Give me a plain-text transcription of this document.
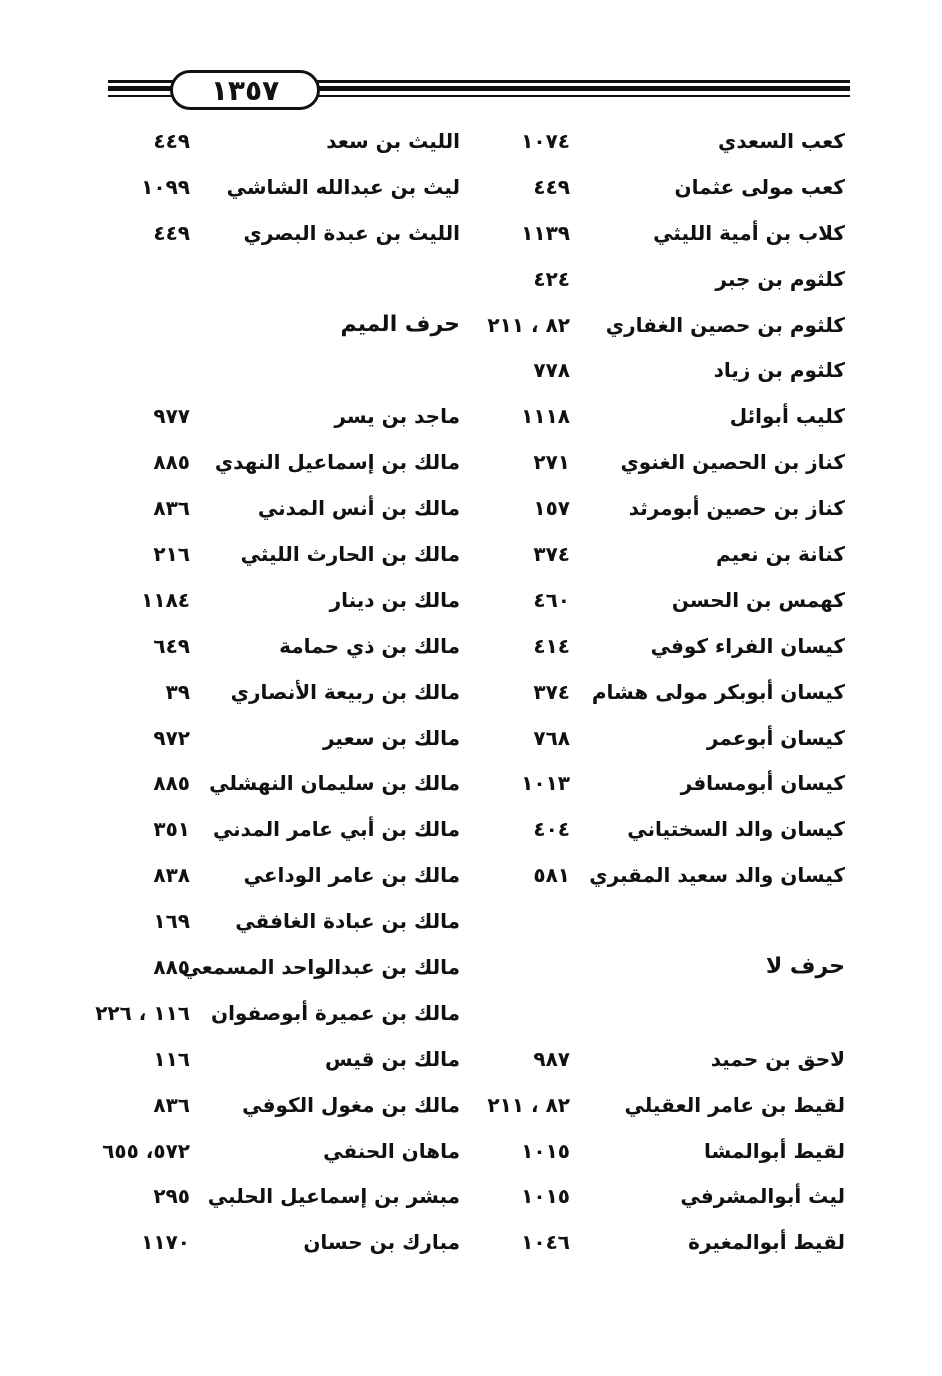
١٣٥٧
كعب السعدي
كعب مولى عثمان
كلاب بن أمية الليثي
كلثوم بن جبر
كلثوم بن حصين الغفاري
كلثوم بن زياد
كليب أبوائل
كناز بن الحصين الغنوي
كناز بن حصين أبومرثد
كنانة بن نعيم
كهمس بن الحسن
كيسان الفراء كوفي
كيسان أبوبكر مولى هشام
كيسان أبوعمر
كيسان أبومسافر
كيسان والد السختياني
كيسان والد سعيد المقبري
حرف لا
لاحق بن حميد
لقيط بن عامر العقيلي
لقيط أبوالمشا
ليث أبوالمشرفي
لقيط أبوالمغيرة
١٠٧٤
٤٤٩
١١٣٩
٤٢٤
٨٢ ، ٢١١
٧٧٨
١١١٨
٢٧١
١٥٧
٣٧٤
٤٦٠
٤١٤
٣٧٤
٧٦٨
١٠١٣
٤٠٤
٥٨١
٩٨٧
٨٢ ، ٢١١
١٠١٥
١٠١٥
١٠٤٦
الليث بن سعد
ليث بن عبدالله الشاشي
الليث بن عبدة البصري
حرف الميم
ماجد بن يسر
مالك بن إسماعيل النهدي
مالك بن أنس المدني
مالك بن الحارث الليثي
مالك بن دينار
مالك بن ذي حمامة
مالك بن ربيعة الأنصاري
مالك بن سعير
مالك بن سليمان النهشلي
مالك بن أبي عامر المدني
مالك بن عامر الوداعي
مالك بن عبادة الغافقي
مالك بن عبدالواحد المسمعي
مالك بن عميرة أبوصفوان
مالك بن قيس
مالك بن مغول الكوفي
ماهان الحنفي
مبشر بن إسماعيل الحلبي
مبارك بن حسان
٤٤٩
١٠٩٩
٤٤٩
٩٧٧
٨٨٥
٨٣٦
٢١٦
١١٨٤
٦٤٩
٣٩
٩٧٢
٨٨٥
٣٥١
٨٣٨
١٦٩
٨٨٥
١١٦ ، ٢٢٦
١١٦
٨٣٦
٥٧٢، ٦٥٥
٢٩٥
١١٧٠
